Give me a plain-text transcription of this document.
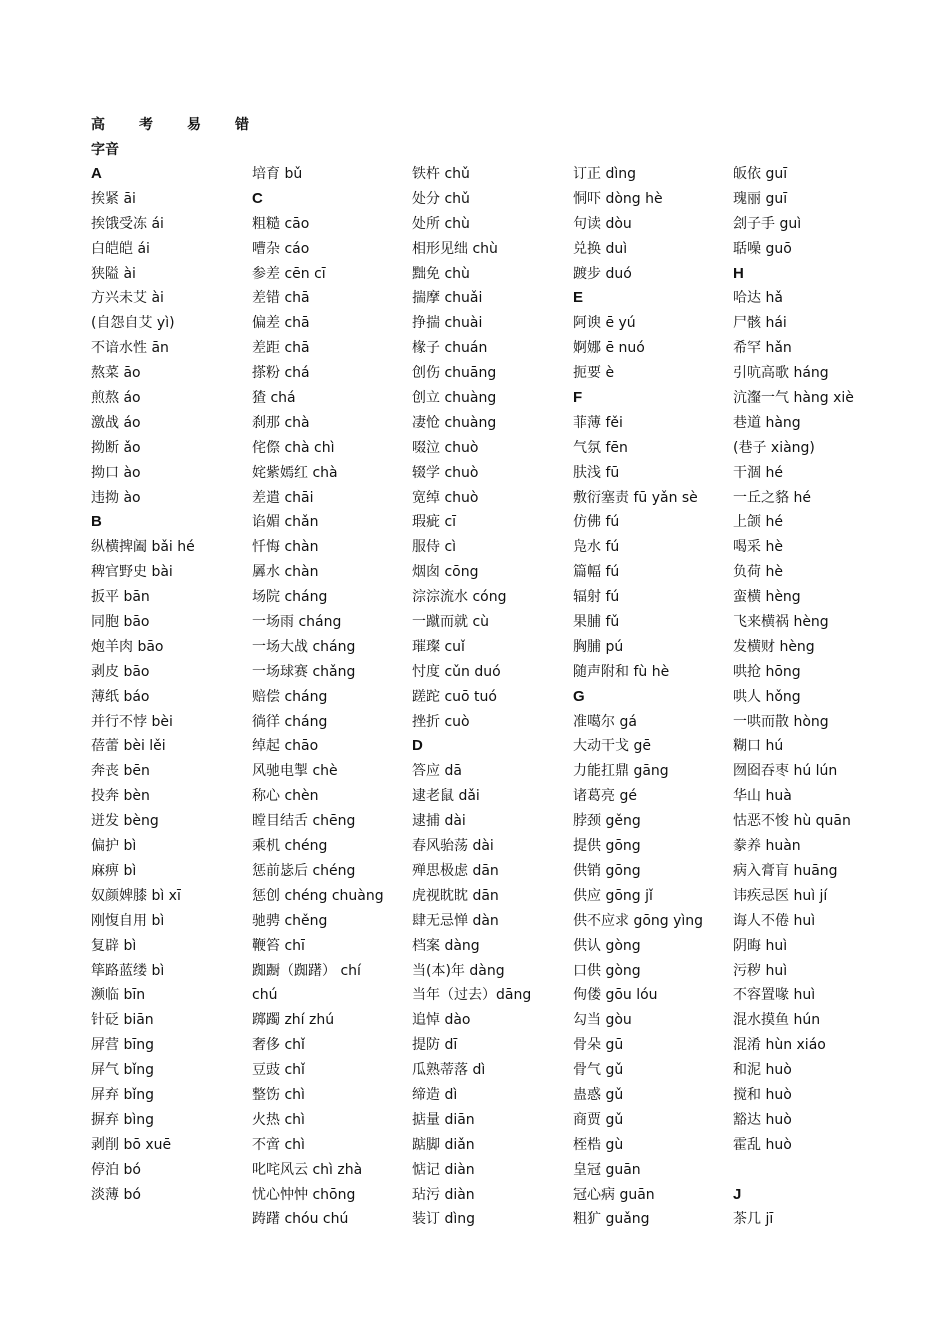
高 考 易 错
字音
A
挨紧 āi
挨饿受冻 ái
白皑皑 ái
狭隘 ài
方兴未艾 ài
(自怨自艾 yì)
不谙水性 ān
熬菜 āo
煎熬 áo
激战 áo
拗断 ǎo
拗口 ào
违拗 ào
B
纵横捭阖 bǎi hé
稗官野史 bài
扳平 bān
同胞 bāo
炮羊肉 bāo
剥皮 bāo
薄纸 báo
并行不悖 bèi
蓓蕾 bèi lěi
奔丧 bēn
投奔 bèn
迸发 bèng
偏护 bì
麻痹 bì
奴颜婢膝 bì xī
刚愎自用 bì
复辟 bì
筚路蓝缕 bì
濒临 bīn
针砭 biān
屏营 bīng
屏气 bǐng
屏弃 bǐng
摒弃 bìng
剥削 bō xuē
停泊 bó
淡薄 bó
培育 bǔ
C
粗糙 cāo
嘈杂 cáo
参差 cēn cī
差错 chā
偏差 chā
差距 chā
搽粉 chá
猹 chá
刹那 chà
侘傺 chà chì
姹紫嫣红 chà
差遣 chāi
谄媚 chǎn
忏悔 chàn
羼水 chàn
场院 cháng
一场雨 cháng
一场大战 cháng
一场球赛 chǎng
赔偿 cháng
徜徉 cháng
绰起 chāo
风驰电掣 chè
称心 chèn
瞠目结舌 chēng
乘机 chéng
惩前毖后 chéng
惩创 chéng chuàng
驰骋 chěng
鞭笞 chī
踟蹰（踟躇） chí
chú
踯躅 zhí zhú
奢侈 chǐ
豆豉 chǐ
整饬 chì
火热 chì
不啻 chì
叱咤风云 chì zhà
忧心忡忡 chōng
踌躇 chóu chú
铁杵 chǔ
处分 chǔ
处所 chù
相形见绌 chù
黜免 chù
揣摩 chuǎi
挣揣 chuài
椽子 chuán
创伤 chuāng
创立 chuàng
凄怆 chuàng
啜泣 chuò
辍学 chuò
宽绰 chuò
瑕疵 cī
服侍 cì
烟囱 cōng
淙淙流水 cóng
一蹴而就 cù
璀璨 cuǐ
忖度 cǔn duó
蹉跎 cuō tuó
挫折 cuò
D
答应 dā
逮老鼠 dǎi
逮捕 dài
春风骀荡 dài
殚思极虑 dān
虎视眈眈 dān
肆无忌惮 dàn
档案 dàng
当(本)年 dàng
当年（过去）dāng
追悼 dào
提防 dī
瓜熟蒂落 dì
缔造 dì
掂量 diān
踮脚 diǎn
惦记 diàn
玷污 diàn
装订 dìng
订正 dìng
恫吓 dòng hè
句读 dòu
兑换 duì
踱步 duó
E
阿谀 ē yú
婀娜 ē nuó
扼要 è
F
菲薄 fěi
气氛 fēn
肤浅 fū
敷衍塞责 fū yǎn sè
仿佛 fú
凫水 fú
篇幅 fú
辐射 fú
果脯 fǔ
胸脯 pú
随声附和 fù hè
G
准噶尔 gá
大动干戈 gē
力能扛鼎 gāng
诸葛亮 gé
脖颈 gěng
提供 gōng
供销 gōng
供应 gōng jǐ
供不应求 gōng yìng
供认 gòng
口供 gòng
佝偻 gōu lóu
勾当 gòu
骨朵 gū
骨气 gǔ
蛊惑 gǔ
商贾 gǔ
桎梏 gù
皇冠 guān
冠心病 guān
粗犷 guǎng
皈依 guī
瑰丽 guī
刽子手 guì
聒噪 guō
H
哈达 hǎ
尸骸 hái
希罕 hǎn
引吭高歌 háng
沆瀣一气 hàng xiè
巷道 hàng
(巷子 xiàng)
干涸 hé
一丘之貉 hé
上颌 hé
喝采 hè
负荷 hè
蛮横 hèng
飞来横祸 hèng
发横财 hèng
哄抢 hōng
哄人 hǒng
一哄而散 hòng
糊口 hú
囫囵吞枣 hú lún
华山 huà
怙恶不悛 hù quān
豢养 huàn
病入膏肓 huāng
讳疾忌医 huì jí
诲人不倦 huì
阴晦 huì
污秽 huì
不容置喙 huì
混水摸鱼 hún
混淆 hùn xiáo
和泥 huò
搅和 huò
豁达 huò
霍乱 huò
J
茶几 jī
